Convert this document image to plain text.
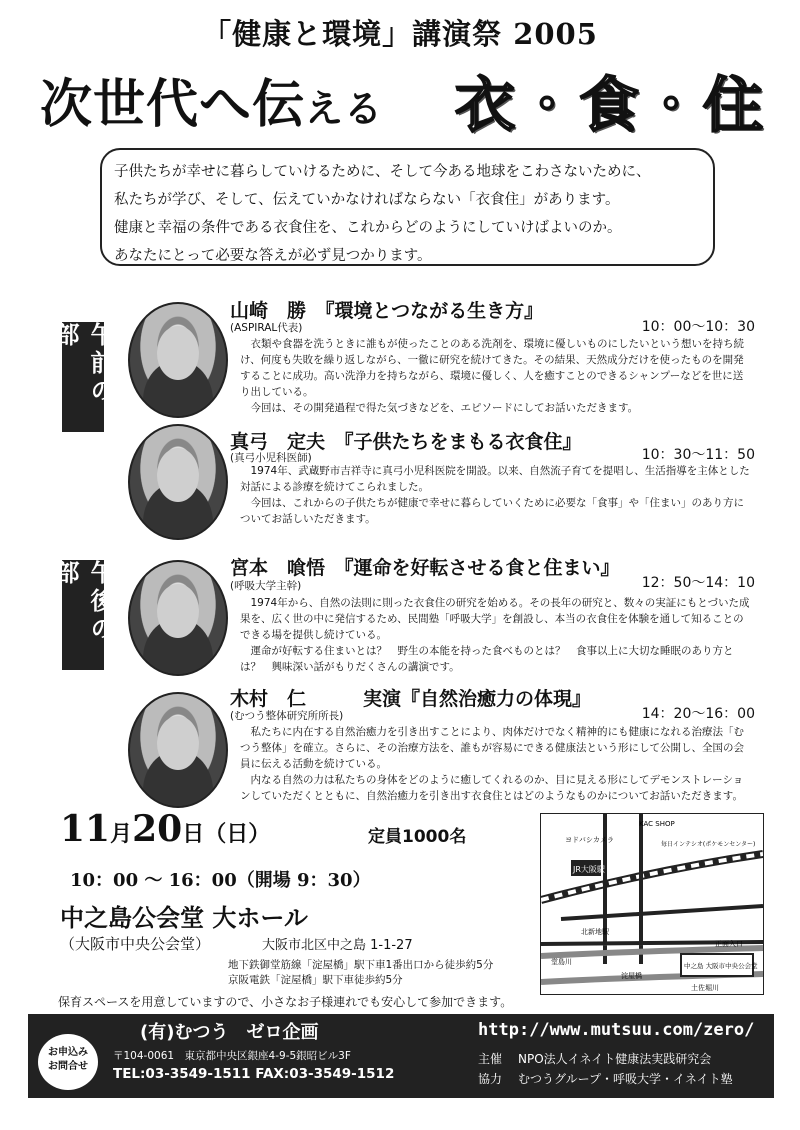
「健康と環境」講演祭 2005
次世代へ伝える 衣・食・住
子供たちが幸せに暮らしていけるために、そして今ある地球をこわさないために、
私たちが学び、そして、伝えていかなければならない「衣食住」があります。
健康と幸福の条件である衣食住を、これからどのようにしていけばよいのか。
あなたにとって必要な答えが必ず見つかります。
午前の部
午後の部
山崎　勝　『環境とつながる生き方』
(ASPIRAL代表)	10：00〜10：30

衣類や食器を洗うときに誰もが使ったことのある洗剤を、環境に優しいものにしたいという想いを持ち続け、何度も失敗を繰り返しながら、一徹に研究を続けてきた。その結果、天然成分だけを使ったものを開発することに成功。高い洗浄力を持ちながら、環境に優しく、人を癒すことのできるシャンプーなどを世に送り出している。

今回は、その開発過程で得た気づきなどを、エピソードにしてお話いただきます。

真弓　定夫　『子供たちをまもる衣食住』
(真弓小児科医師)	10：30〜11：50

1974年、武蔵野市吉祥寺に真弓小児科医院を開設。以来、自然流子育てを提唱し、生活指導を主体とした対話による診療を続けてこられました。

今回は、これからの子供たちが健康で幸せに暮らしていくために必要な「食事」や「住まい」のあり方についてお話しいただきます。

宮本　喰悟　『運命を好転させる食と住まい』
(呼吸大学主幹)	12：50〜14：10

1974年から、自然の法則に則った衣食住の研究を始める。その長年の研究と、数々の実証にもとづいた成果を、広く世の中に発信するため、民間塾「呼吸大学」を創設し、本当の衣食住を体験を通して知ることのできる場を提供し続けている。

運命が好転する住まいとは？　野生の本能を持った食べものとは？　食事以上に大切な睡眠のあり方とは？　興味深い話がもりだくさんの講演です。

木村　仁　　　実演『自然治癒力の体現』
(むつう整体研究所所長)	14：20〜16：00

私たちに内在する自然治癒力を引き出すことにより、肉体だけでなく精神的にも健康になれる治療法「むつう整体」を確立。さらに、その治療方法を、誰もが容易にできる健康法という形にして公開し、全国の会員に伝える活動を続けている。

内なる自然の力は私たちの身体をどのように癒してくれるのか、目に見える形にしてデモンストレーションしていただくとともに、自然治癒力を引き出す衣食住とはどのようなものかについてお話いただきます。

11月20日（日）	定員1000名
10：00 〜 16：00（開場 9：30）
中之島公会堂 大ホール
（大阪市中央公会堂）	大阪市北区中之島 1-1-27
地下鉄御堂筋線「淀屋橋」駅下車1番出口から徒歩約5分
京阪電鉄「淀屋橋」駅下車徒歩約5分
保育スペースを用意していますので、小さなお子様連れでも安心して参加できます。
JR大阪駅
KAC SHOP
ヨドバシカメラ
毎日インテシオ(ポケモンセンター)
北新地駅
堂島川
土佐堀川
中之島 大阪市中央公会堂
正面入口
淀屋橋
お申込み
お問合せ
(有)むつう　ゼロ企画
〒104-0061　東京都中央区銀座4-9-5銀昭ビル3F
TEL:03-3549-1511 FAX:03-3549-1512
http://www.mutsuu.com/zero/
主催 NPO法人イネイト健康法実践研究会
協力 むつうグループ・呼吸大学・イネイト塾
